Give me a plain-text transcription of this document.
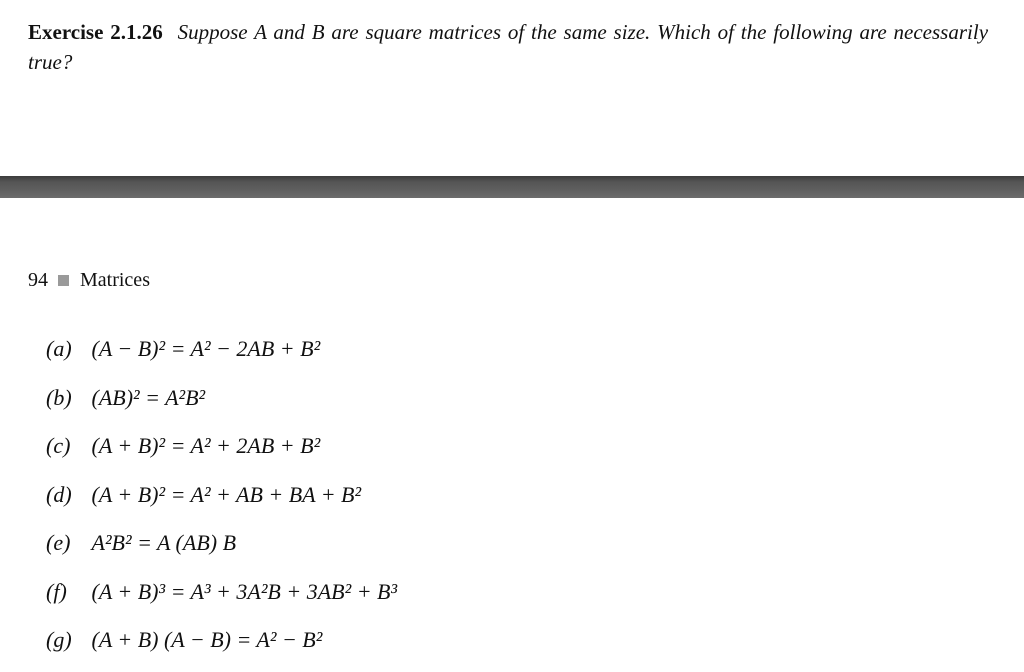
Exercise 2.1.26 Suppose A and B are square matrices of the same size. Which of the following are necessarily true?
94 Matrices
(a) (A − B)² = A² − 2AB + B²
(b) (AB)² = A²B²
(c) (A + B)² = A² + 2AB + B²
(d) (A + B)² = A² + AB + BA + B²
(e) A²B² = A (AB) B
(f) (A + B)³ = A³ + 3A²B + 3AB² + B³
(g) (A + B) (A − B) = A² − B²
